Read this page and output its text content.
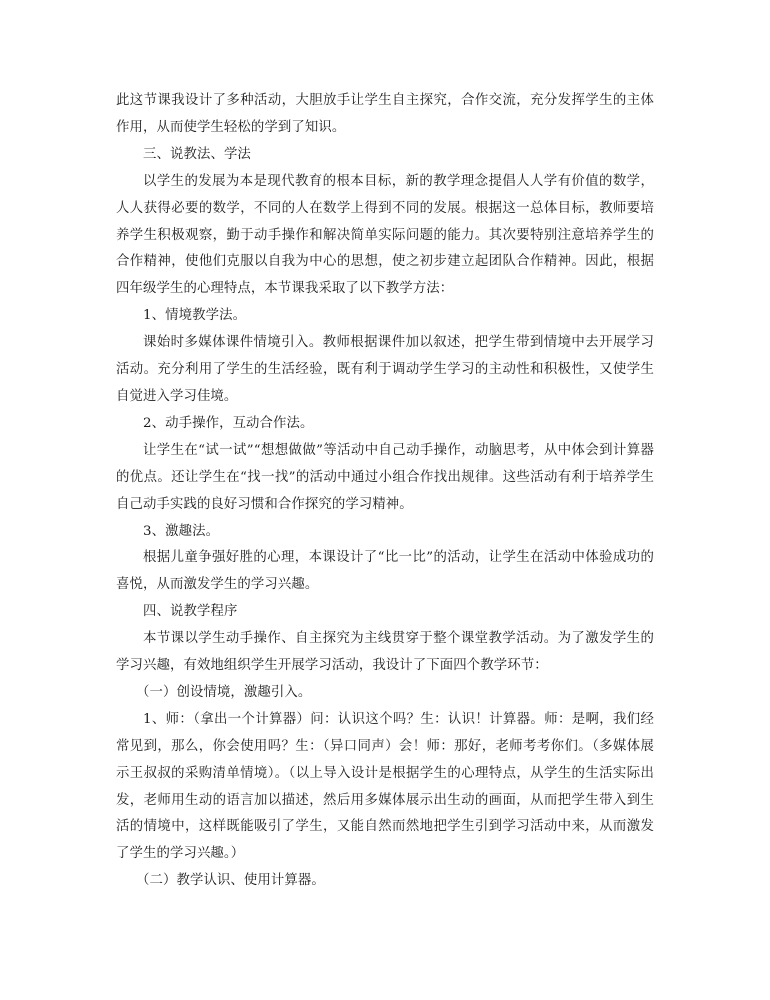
此这节课我设计了多种活动，大胆放手让学生自主探究，合作交流，充分发挥学生的主体作用，从而使学生轻松的学到了知识。

三、说教法、学法

以学生的发展为本是现代教育的根本目标，新的教学理念提倡人人学有价值的数学，人人获得必要的数学，不同的人在数学上得到不同的发展。根据这一总体目标，教师要培养学生积极观察，勤于动手操作和解决简单实际问题的能力。其次要特别注意培养学生的合作精神，使他们克服以自我为中心的思想，使之初步建立起团队合作精神。因此，根据四年级学生的心理特点，本节课我采取了以下教学方法：

1、情境教学法。

课始时多媒体课件情境引入。教师根据课件加以叙述，把学生带到情境中去开展学习活动。充分利用了学生的生活经验，既有利于调动学生学习的主动性和积极性，又使学生自觉进入学习佳境。

2、动手操作，互动合作法。

让学生在“试一试”“想想做做”等活动中自己动手操作，动脑思考，从中体会到计算器的优点。还让学生在“找一找”的活动中通过小组合作找出规律。这些活动有利于培养学生自己动手实践的良好习惯和合作探究的学习精神。

3、激趣法。

根据儿童争强好胜的心理，本课设计了“比一比”的活动，让学生在活动中体验成功的喜悦，从而激发学生的学习兴趣。

四、说教学程序

本节课以学生动手操作、自主探究为主线贯穿于整个课堂教学活动。为了激发学生的学习兴趣，有效地组织学生开展学习活动，我设计了下面四个教学环节：

（一）创设情境，激趣引入。

1、师：（拿出一个计算器）问：认识这个吗？生：认识！计算器。师：是啊，我们经常见到，那么，你会使用吗？生：（异口同声）会！师：那好，老师考考你们。（多媒体展示王叔叔的采购清单情境）。（以上导入设计是根据学生的心理特点，从学生的生活实际出发，老师用生动的语言加以描述，然后用多媒体展示出生动的画面，从而把学生带入到生活的情境中，这样既能吸引了学生，又能自然而然地把学生引到学习活动中来，从而激发了学生的学习兴趣。）

（二）教学认识、使用计算器。
